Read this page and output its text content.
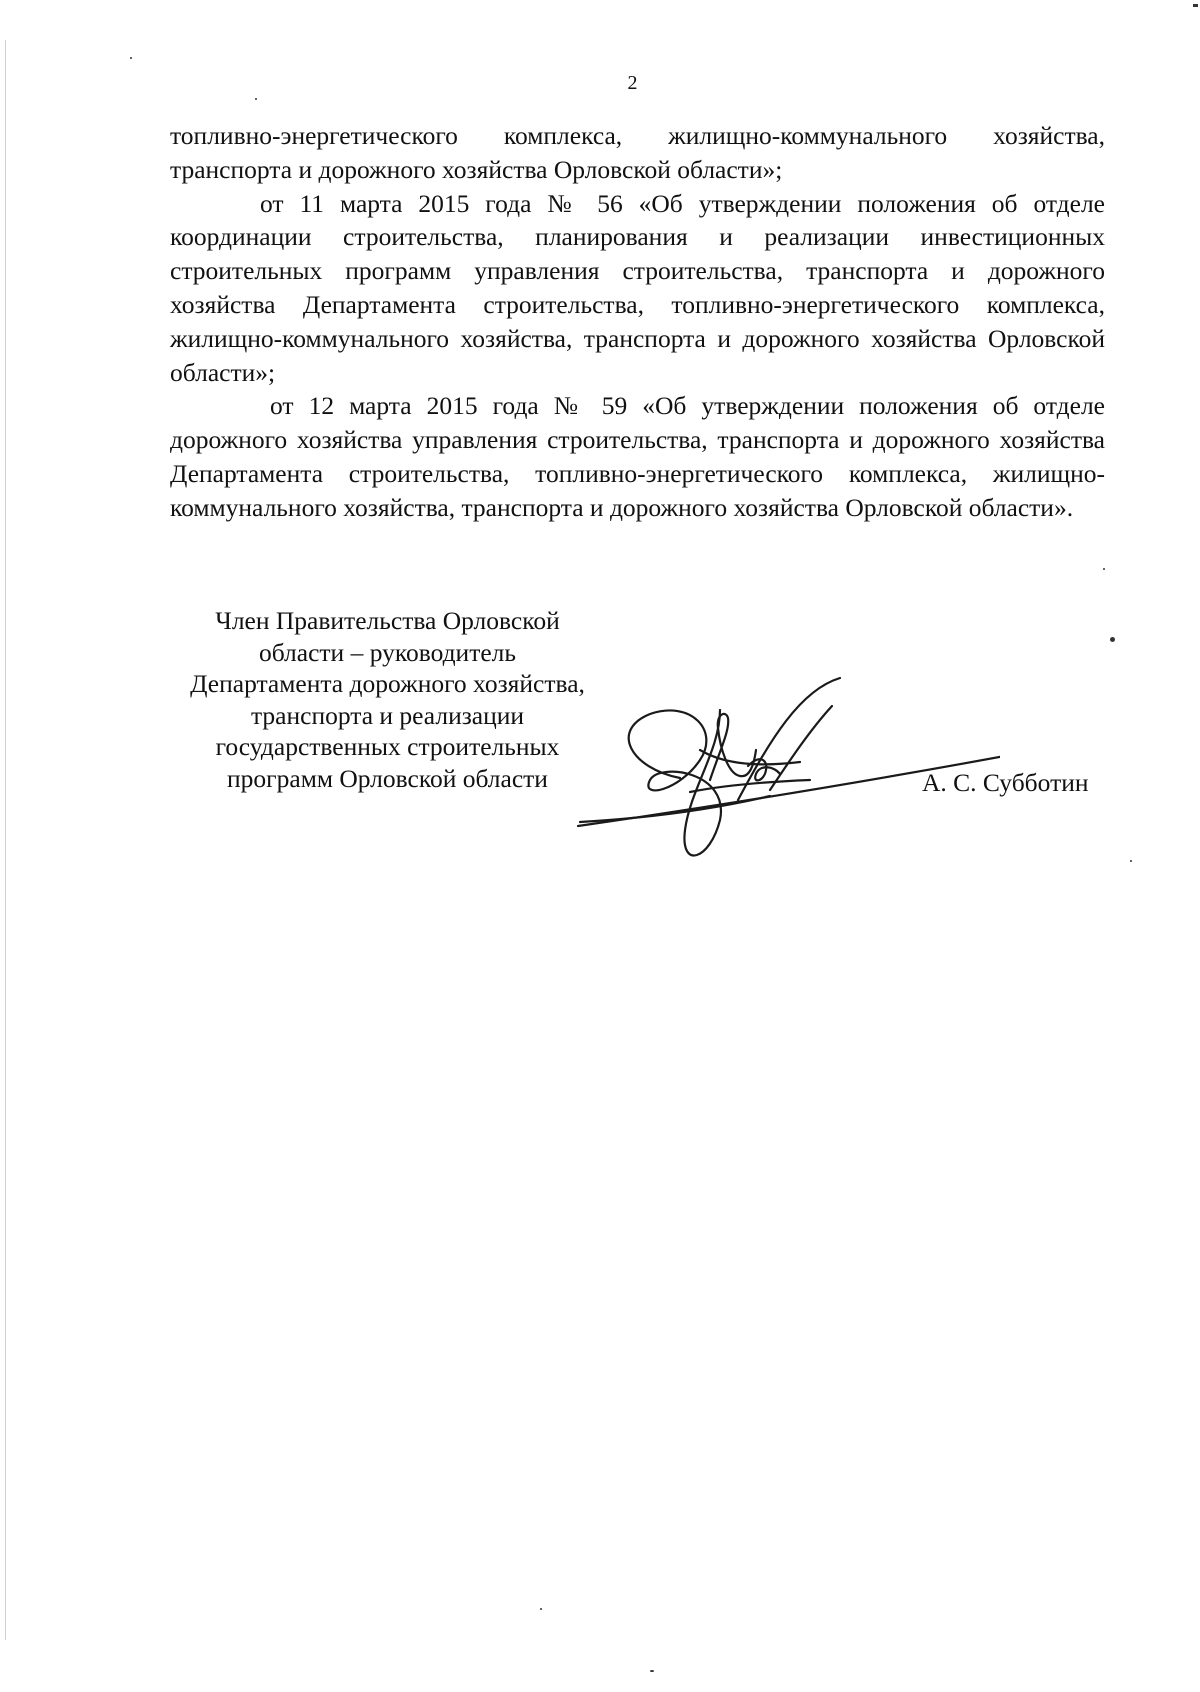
2

топливно-энергетического комплекса, жилищно-коммунального хозяйства, транспорта и дорожного хозяйства Орловской области»;

от 11 марта 2015 года № 56 «Об утверждении положения об отделе координации строительства, планирования и реализации инвестиционных строительных программ управления строительства, транспорта и дорожного хозяйства Департамента строительства, топливно-энергетического комплекса, жилищно-коммунального хозяйства, транспорта и дорожного хозяйства Орловской области»;

от 12 марта 2015 года № 59 «Об утверждении положения об отделе дорожного хозяйства управления строительства, транспорта и дорожного хозяйства Департамента строительства, топливно-энергетического комплекса, жилищно-коммунального хозяйства, транспорта и дорожного хозяйства Орловской области».

Член Правительства Орловской
области – руководитель
Департамента дорожного хозяйства,
транспорта и реализации
государственных строительных
программ Орловской области	А. С. Субботин
